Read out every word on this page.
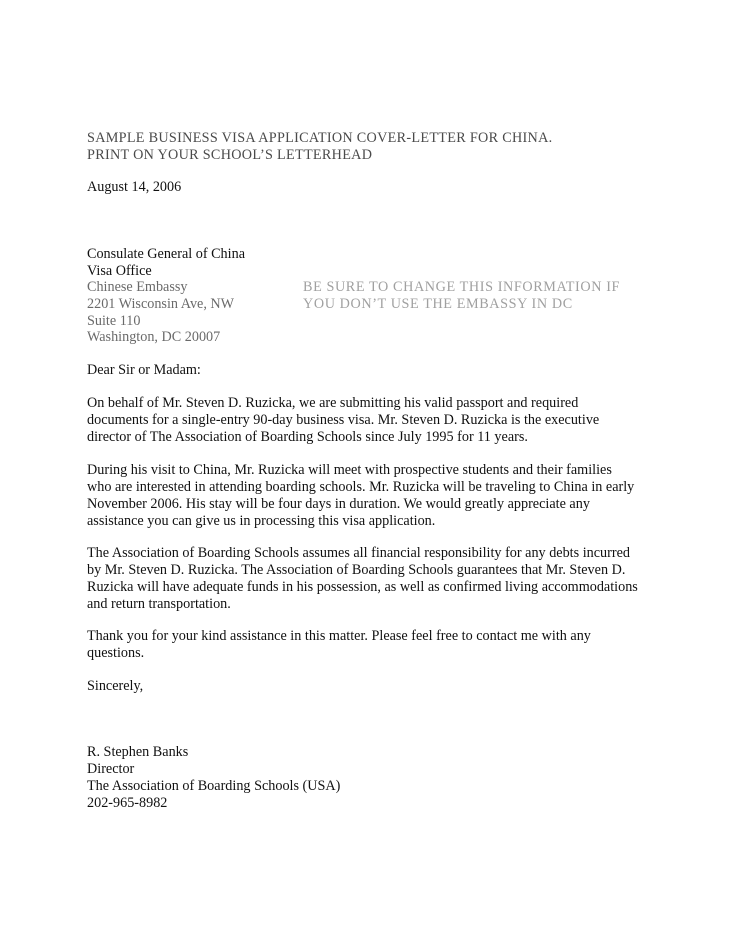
SAMPLE BUSINESS VISA APPLICATION COVER-LETTER FOR CHINA.
PRINT ON YOUR SCHOOL’S LETTERHEAD
August 14, 2006
Consulate General of China
Visa Office
Chinese Embassy
2201 Wisconsin Ave, NW
Suite 110
Washington, DC 20007
BE SURE TO CHANGE THIS INFORMATION IF
YOU DON’T USE THE EMBASSY IN DC
Dear Sir or Madam:
On behalf of Mr. Steven D. Ruzicka, we are submitting his valid passport and required
documents for a single-entry 90-day business visa. Mr. Steven D. Ruzicka is the executive
director of The Association of Boarding Schools since July 1995 for 11 years.
During his visit to China, Mr. Ruzicka will meet with prospective students and their families
who are interested in attending boarding schools. Mr. Ruzicka will be traveling to China in early
November 2006. His stay will be four days in duration. We would greatly appreciate any
assistance you can give us in processing this visa application.
The Association of Boarding Schools assumes all financial responsibility for any debts incurred
by Mr. Steven D. Ruzicka. The Association of Boarding Schools guarantees that Mr. Steven D.
Ruzicka will have adequate funds in his possession, as well as confirmed living accommodations
and return transportation.
Thank you for your kind assistance in this matter. Please feel free to contact me with any
questions.
Sincerely,
R. Stephen Banks
Director
The Association of Boarding Schools (USA)
202-965-8982
